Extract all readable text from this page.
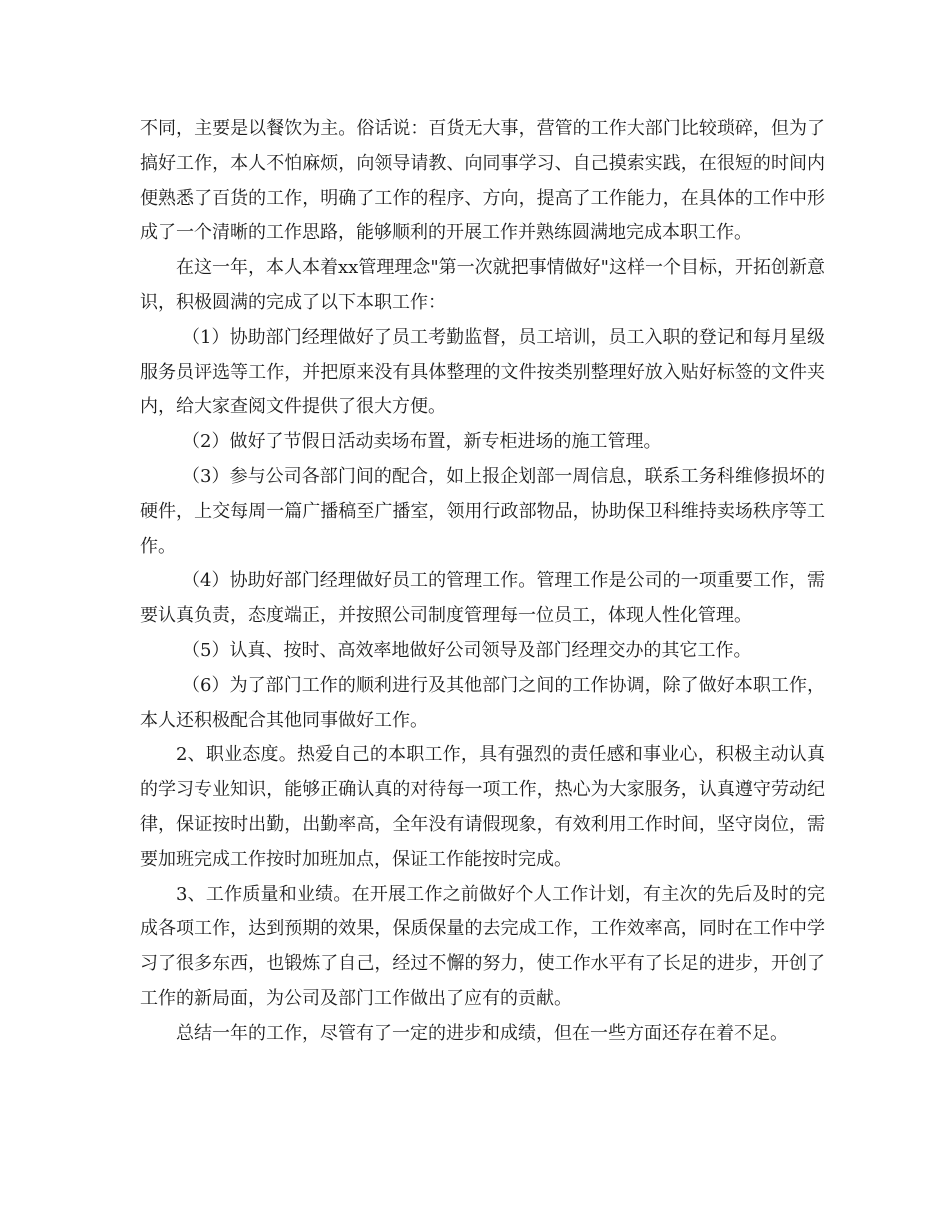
不同，主要是以餐饮为主。俗话说：百货无大事，营管的工作大部门比较琐碎，但为了搞好工作，本人不怕麻烦，向领导请教、向同事学习、自己摸索实践，在很短的时间内便熟悉了百货的工作，明确了工作的程序、方向，提高了工作能力，在具体的工作中形成了一个清晰的工作思路，能够顺利的开展工作并熟练圆满地完成本职工作。

在这一年，本人本着xx管理理念"第一次就把事情做好"这样一个目标，开拓创新意识，积极圆满的完成了以下本职工作：

（1）协助部门经理做好了员工考勤监督，员工培训，员工入职的登记和每月星级服务员评选等工作，并把原来没有具体整理的文件按类别整理好放入贴好标签的文件夹内，给大家查阅文件提供了很大方便。

（2）做好了节假日活动卖场布置，新专柜进场的施工管理。

（3）参与公司各部门间的配合，如上报企划部一周信息，联系工务科维修损坏的硬件，上交每周一篇广播稿至广播室，领用行政部物品，协助保卫科维持卖场秩序等工作。

（4）协助好部门经理做好员工的管理工作。管理工作是公司的一项重要工作，需要认真负责，态度端正，并按照公司制度管理每一位员工，体现人性化管理。

（5）认真、按时、高效率地做好公司领导及部门经理交办的其它工作。

（6）为了部门工作的顺利进行及其他部门之间的工作协调，除了做好本职工作，本人还积极配合其他同事做好工作。

2、职业态度。热爱自己的本职工作，具有强烈的责任感和事业心，积极主动认真的学习专业知识，能够正确认真的对待每一项工作，热心为大家服务，认真遵守劳动纪律，保证按时出勤，出勤率高，全年没有请假现象，有效利用工作时间，坚守岗位，需要加班完成工作按时加班加点，保证工作能按时完成。

3、工作质量和业绩。在开展工作之前做好个人工作计划，有主次的先后及时的完成各项工作，达到预期的效果，保质保量的去完成工作，工作效率高，同时在工作中学习了很多东西，也锻炼了自己，经过不懈的努力，使工作水平有了长足的进步，开创了工作的新局面，为公司及部门工作做出了应有的贡献。

总结一年的工作，尽管有了一定的进步和成绩，但在一些方面还存在着不足。
